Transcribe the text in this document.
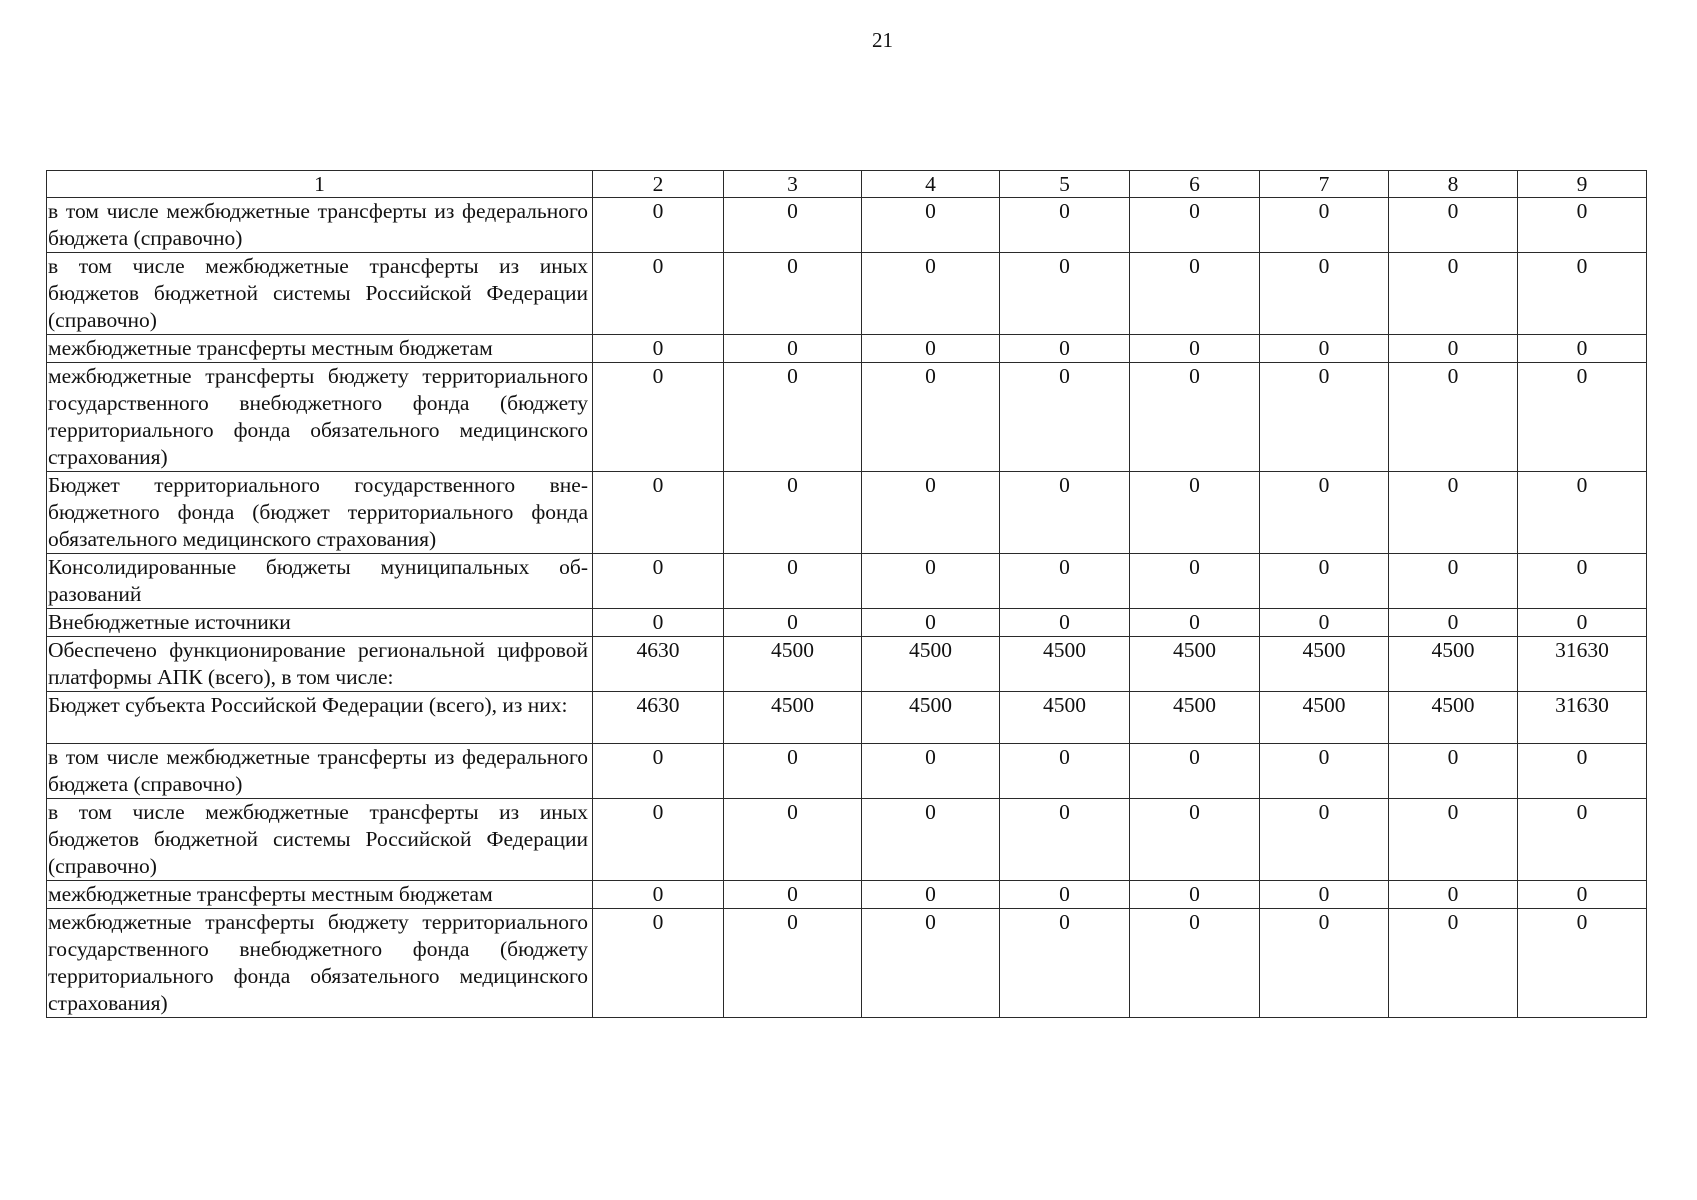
21
1	2	3	4	5	6	7	8	9
в том числе межбюджетные трансферты из федерального бюджета (справочно)	0	0	0	0	0	0	0	0
в том числе межбюджетные трансферты из иных бюджетов бюджетной системы Российской Федерации (справочно)	0	0	0	0	0	0	0	0
межбюджетные трансферты местным бюджетам	0	0	0	0	0	0	0	0
межбюджетные трансферты бюджету территориального государственного внебюджетного фонда (бюджету территориального фонда обязательного медицинского страхования)	0	0	0	0	0	0	0	0
Бюджет территориального государственного внебюджетного фонда (бюджет территориального фонда обязательного медицинского страхования)	0	0	0	0	0	0	0	0
Консолидированные бюджеты муниципальных образований	0	0	0	0	0	0	0	0
Внебюджетные источники	0	0	0	0	0	0	0	0
Обеспечено функционирование региональной цифровой платформы АПК (всего), в том числе:	4630	4500	4500	4500	4500	4500	4500	31630
Бюджет субъекта Российской Федерации (всего), из них:	4630	4500	4500	4500	4500	4500	4500	31630
в том числе межбюджетные трансферты из федерального бюджета (справочно)	0	0	0	0	0	0	0	0
в том числе межбюджетные трансферты из иных бюджетов бюджетной системы Российской Федерации (справочно)	0	0	0	0	0	0	0	0
межбюджетные трансферты местным бюджетам	0	0	0	0	0	0	0	0
межбюджетные трансферты бюджету территориального государственного внебюджетного фонда (бюджету территориального фонда обязательного медицинского страхования)	0	0	0	0	0	0	0	0
